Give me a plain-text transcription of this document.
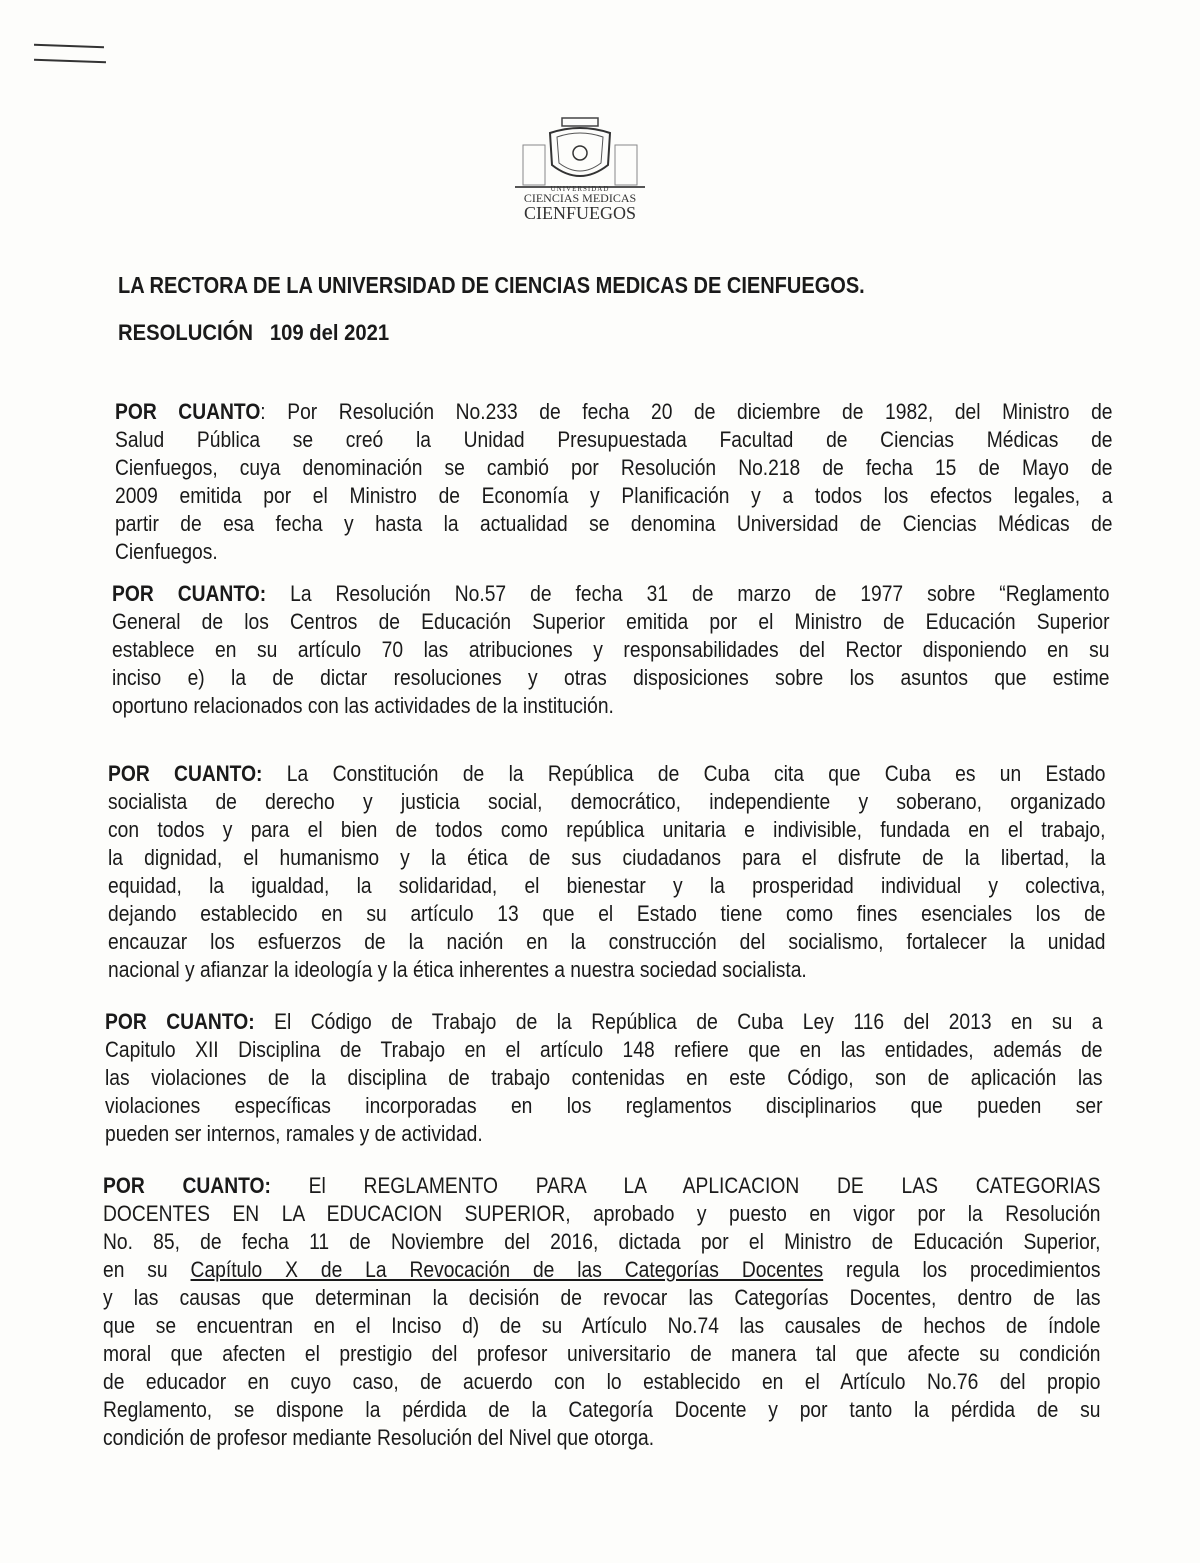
UNIVERSIDAD
CIENCIAS MEDICAS
CIENFUEGOS
LA RECTORA DE LA UNIVERSIDAD DE CIENCIAS MEDICAS DE CIENFUEGOS.
RESOLUCIÓN 109 del 2021
POR CUANTO: Por Resolución No.233 de fecha 20 de diciembre de 1982, del Ministro de
Salud Pública se creó la Unidad Presupuestada Facultad de Ciencias Médicas de
Cienfuegos, cuya denominación se cambió por Resolución No.218 de fecha 15 de Mayo de
2009 emitida por el Ministro de Economía y Planificación y a todos los efectos legales, a
partir de esa fecha y hasta la actualidad se denomina Universidad de Ciencias Médicas de
Cienfuegos.
POR CUANTO: La Resolución No.57 de fecha 31 de marzo de 1977 sobre “Reglamento
General de los Centros de Educación Superior emitida por el Ministro de Educación Superior
establece en su artículo 70 las atribuciones y responsabilidades del Rector disponiendo en su
inciso e) la de dictar resoluciones y otras disposiciones sobre los asuntos que estime
oportuno relacionados con las actividades de la institución.
POR CUANTO: La Constitución de la República de Cuba cita que Cuba es un Estado
socialista de derecho y justicia social, democrático, independiente y soberano, organizado
con todos y para el bien de todos como república unitaria e indivisible, fundada en el trabajo,
la dignidad, el humanismo y la ética de sus ciudadanos para el disfrute de la libertad, la
equidad, la igualdad, la solidaridad, el bienestar y la prosperidad individual y colectiva,
dejando establecido en su artículo 13 que el Estado tiene como fines esenciales los de
encauzar los esfuerzos de la nación en la construcción del socialismo, fortalecer la unidad
nacional y afianzar la ideología y la ética inherentes a nuestra sociedad socialista.
POR CUANTO: El Código de Trabajo de la República de Cuba Ley 116 del 2013 en su a
Capitulo XII Disciplina de Trabajo en el artículo 148 refiere que en las entidades, además de
las violaciones de la disciplina de trabajo contenidas en este Código, son de aplicación las
violaciones específicas incorporadas en los reglamentos disciplinarios que pueden ser
pueden ser internos, ramales y de actividad.
POR CUANTO: El REGLAMENTO PARA LA APLICACION DE LAS CATEGORIAS
DOCENTES EN LA EDUCACION SUPERIOR, aprobado y puesto en vigor por la Resolución
No. 85, de fecha 11 de Noviembre del 2016, dictada por el Ministro de Educación Superior,
en su Capítulo X de La Revocación de las Categorías Docentes regula los procedimientos
y las causas que determinan la decisión de revocar las Categorías Docentes, dentro de las
que se encuentran en el Inciso d) de su Artículo No.74 las causales de hechos de índole
moral que afecten el prestigio del profesor universitario de manera tal que afecte su condición
de educador en cuyo caso, de acuerdo con lo establecido en el Artículo No.76 del propio
Reglamento, se dispone la pérdida de la Categoría Docente y por tanto la pérdida de su
condición de profesor mediante Resolución del Nivel que otorga.
